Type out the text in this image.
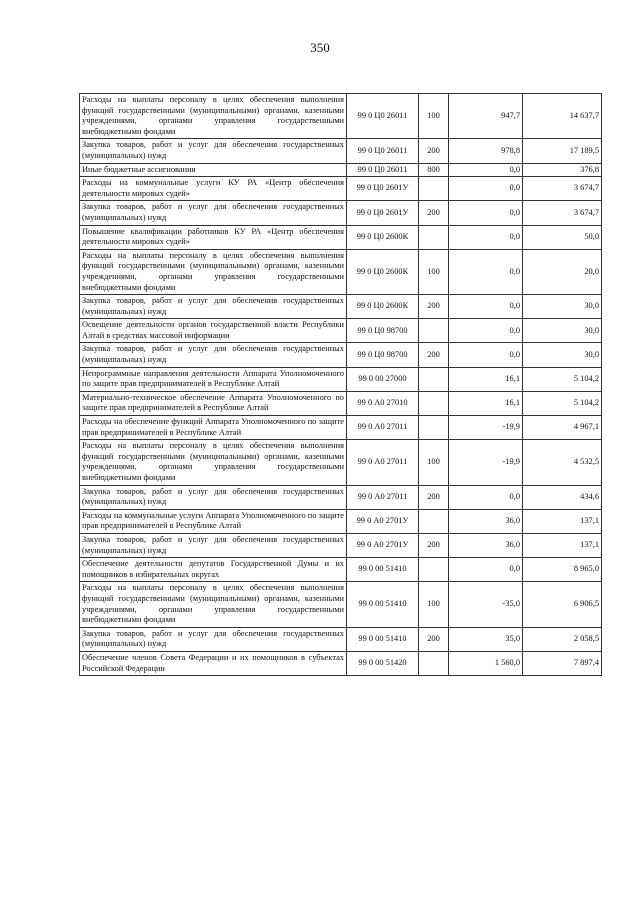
350
Расходы на выплаты персоналу в целях обеспечения выполнения функций государственными (муниципальными) органами, казенными учреждениями, органами управления государственными внебюджетными фондами	99 0 Ц0 26011	100	947,7	14 637,7
Закупка товаров, работ и услуг для обеспечения государственных (муниципальных) нужд	99 0 Ц0 26011	200	978,8	17 189,5
Иные бюджетные ассигнования	99 0 Ц0 26011	800	0,0	376,8
Расходы на коммунальные услуги КУ РА «Центр обеспечения деятельности мировых судей»	99 0 Ц0 2601У		0,0	3 674,7
Закупка товаров, работ и услуг для обеспечения государственных (муниципальных) нужд	99 0 Ц0 2601У	200	0,0	3 674,7
Повышение квалификации работников КУ РА «Центр обеспечения деятельности мировых судей»	99 0 Ц0 2600К		0,0	50,0
Расходы на выплаты персоналу в целях обеспечения выполнения функций государственными (муниципальными) органами, казенными учреждениями, органами управления государственными внебюджетными фондами	99 0 Ц0 2600К	100	0,0	20,0
Закупка товаров, работ и услуг для обеспечения государственных (муниципальных) нужд	99 0 Ц0 2600К	200	0,0	30,0
Освещение деятельности органов государственной власти Республики Алтай в средствах массовой информации	99 0 Ц0 98700		0,0	30,0
Закупка товаров, работ и услуг для обеспечения государственных (муниципальных) нужд	99 0 Ц0 98700	200	0,0	30,0
Непрограммные направления деятельности Аппарата Уполномоченного по защите прав предпринимателей в Республике Алтай	99 0 00 27000		16,1	5 104,2
Материально-техническое обеспечение Аппарата Уполномоченного по защите прав предпринимателей в Республике Алтай	99 0 А0 27010		16,1	5 104,2
Расходы на обеспечение функций Аппарата Уполномоченного по защите прав предпринимателей в Республике Алтай	99 0 А0 27011		-19,9	4 967,1
Расходы на выплаты персоналу в целях обеспечения выполнения функций государственными (муниципальными) органами, казенными учреждениями, органами управления государственными внебюджетными фондами	99 0 А0 27011	100	-19,9	4 532,5
Закупка товаров, работ и услуг для обеспечения государственных (муниципальных) нужд	99 0 А0 27011	200	0,0	434,6
Расходы на коммунальные услуги Аппарата Уполномоченного по защите прав предпринимателей в Республике Алтай	99 0 А0 2701У		36,0	137,1
Закупка товаров, работ и услуг для обеспечения государственных (муниципальных) нужд	99 0 А0 2701У	200	36,0	137,1
Обеспечение деятельности депутатов Государственной Думы и их помощников в избирательных округах	99 0 00 51410		0,0	8 965,0
Расходы на выплаты персоналу в целях обеспечения выполнения функций государственными (муниципальными) органами, казенными учреждениями, органами управления государственными внебюджетными фондами	99 0 00 51410	100	-35,0	6 906,5
Закупка товаров, работ и услуг для обеспечения государственных (муниципальных) нужд	99 0 00 51410	200	35,0	2 058,5
Обеспечение членов Совета Федерации и их помощников в субъектах Российской Федерации	99 0 00 51420		1 560,0	7 897,4
